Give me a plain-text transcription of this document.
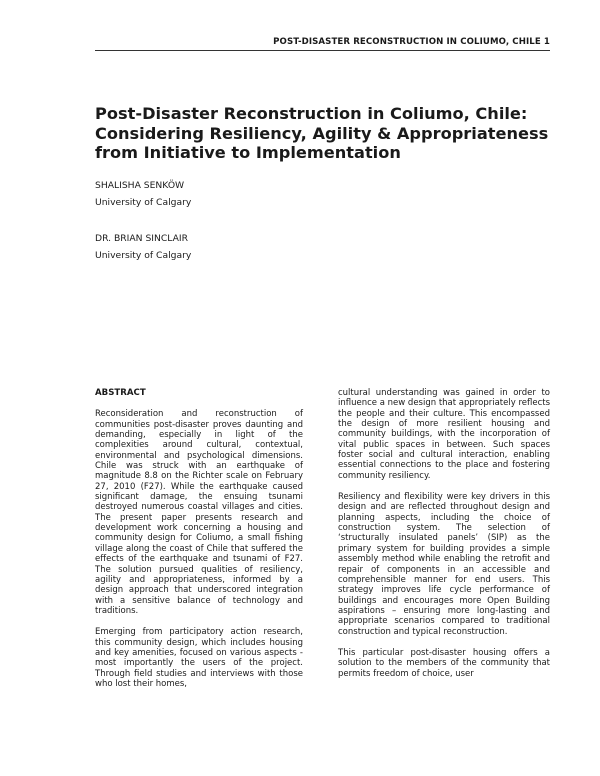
POST-DISASTER RECONSTRUCTION IN COLIUMO, CHILE 1
Post-Disaster Reconstruction in Coliumo, Chile:
Considering Resiliency, Agility & Appropriateness from Initiative to Implementation

SHALISHA SENKÖW

University of Calgary

DR. BRIAN SINCLAIR

University of Calgary

ABSTRACT

Reconsideration and reconstruction of communities post-disaster proves daunting and demanding, especially in light of the complexities around cultural, contextual, environmental and psychological dimensions. Chile was struck with an earthquake of magnitude 8.8 on the Richter scale on February 27, 2010 (F27). While the earthquake caused significant damage, the ensuing tsunami destroyed numerous coastal villages and cities. The present paper presents research and development work concerning a housing and community design for Coliumo, a small fishing village along the coast of Chile that suffered the effects of the earthquake and tsunami of F27. The solution pursued qualities of resiliency, agility and appropriateness, informed by a design approach that underscored integration with a sensitive balance of technology and traditions.

Emerging from participatory action research, this community design, which includes housing and key amenities, focused on various aspects - most importantly the users of the project. Through field studies and interviews with those who lost their homes,

cultural understanding was gained in order to influence a new design that appropriately reflects the people and their culture. This encompassed the design of more resilient housing and community buildings, with the incorporation of vital public spaces in between. Such spaces foster social and cultural interaction, enabling essential connections to the place and fostering community resiliency.

Resiliency and flexibility were key drivers in this design and are reflected throughout design and planning aspects, including the choice of construction system. The selection of ‘structurally insulated panels’ (SIP) as the primary system for building provides a simple assembly method while enabling the retrofit and repair of components in an accessible and comprehensible manner for end users. This strategy improves life cycle performance of buildings and encourages more Open Building aspirations – ensuring more long-lasting and appropriate scenarios compared to traditional construction and typical reconstruction.

This particular post-disaster housing offers a solution to the members of the community that permits freedom of choice, user
